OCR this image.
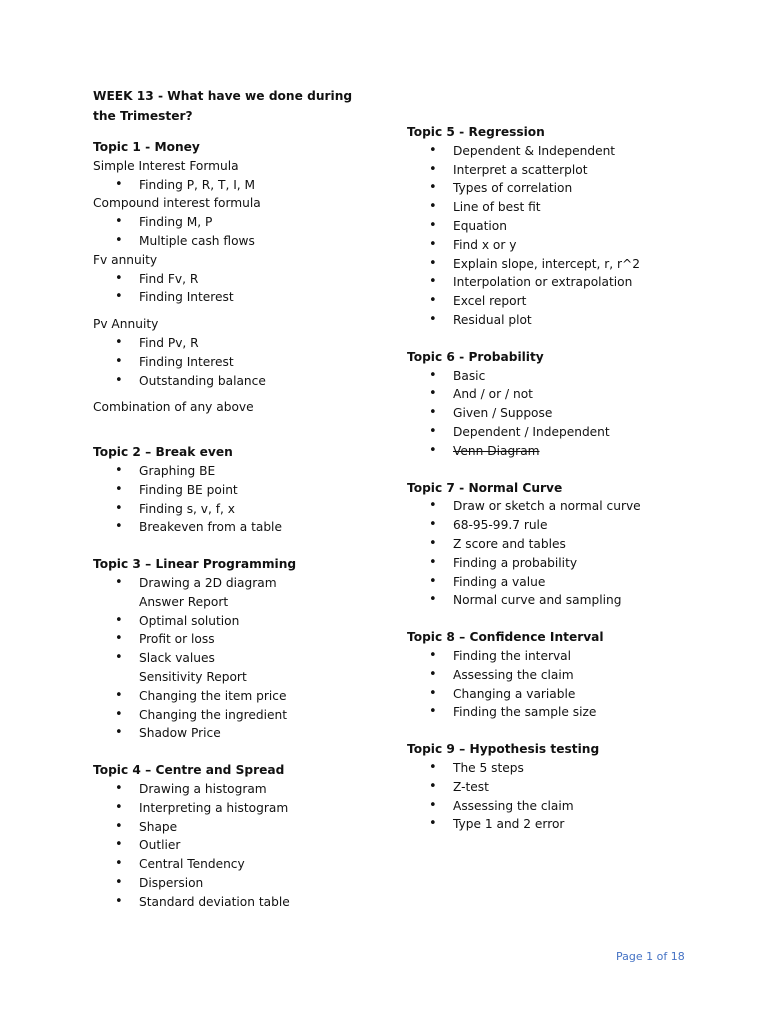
WEEK 13 - What have we done during the Trimester?
Topic 1 - Money
Simple Interest Formula
• Finding P, R, T, I, M
Compound interest formula
• Finding M, P
• Multiple cash flows
Fv annuity
• Find Fv, R
• Finding Interest
Pv Annuity
• Find Pv, R
• Finding Interest
• Outstanding balance
Combination of any above
Topic 2 – Break even
• Graphing BE
• Finding BE point
• Finding s, v, f, x
• Breakeven from a table
Topic 3 – Linear Programming
• Drawing a 2D diagram
Answer Report
• Optimal solution
• Profit or loss
• Slack values
Sensitivity Report
• Changing the item price
• Changing the ingredient
• Shadow Price
Topic 4 – Centre and Spread
• Drawing a histogram
• Interpreting a histogram
• Shape
• Outlier
• Central Tendency
• Dispersion
• Standard deviation table
Topic 5 - Regression
• Dependent & Independent
• Interpret a scatterplot
• Types of correlation
• Line of best fit
• Equation
• Find x or y
• Explain slope, intercept, r, r^2
• Interpolation or extrapolation
• Excel report
• Residual plot
Topic 6 - Probability
• Basic
• And / or / not
• Given / Suppose
• Dependent / Independent
• Venn Diagram
Topic 7 - Normal Curve
• Draw or sketch a normal curve
• 68-95-99.7 rule
• Z score and tables
• Finding a probability
• Finding a value
• Normal curve and sampling
Topic 8 – Confidence Interval
• Finding the interval
• Assessing the claim
• Changing a variable
• Finding the sample size
Topic 9 – Hypothesis testing
• The 5 steps
• Z-test
• Assessing the claim
• Type 1 and 2 error
Page 1 of 18
